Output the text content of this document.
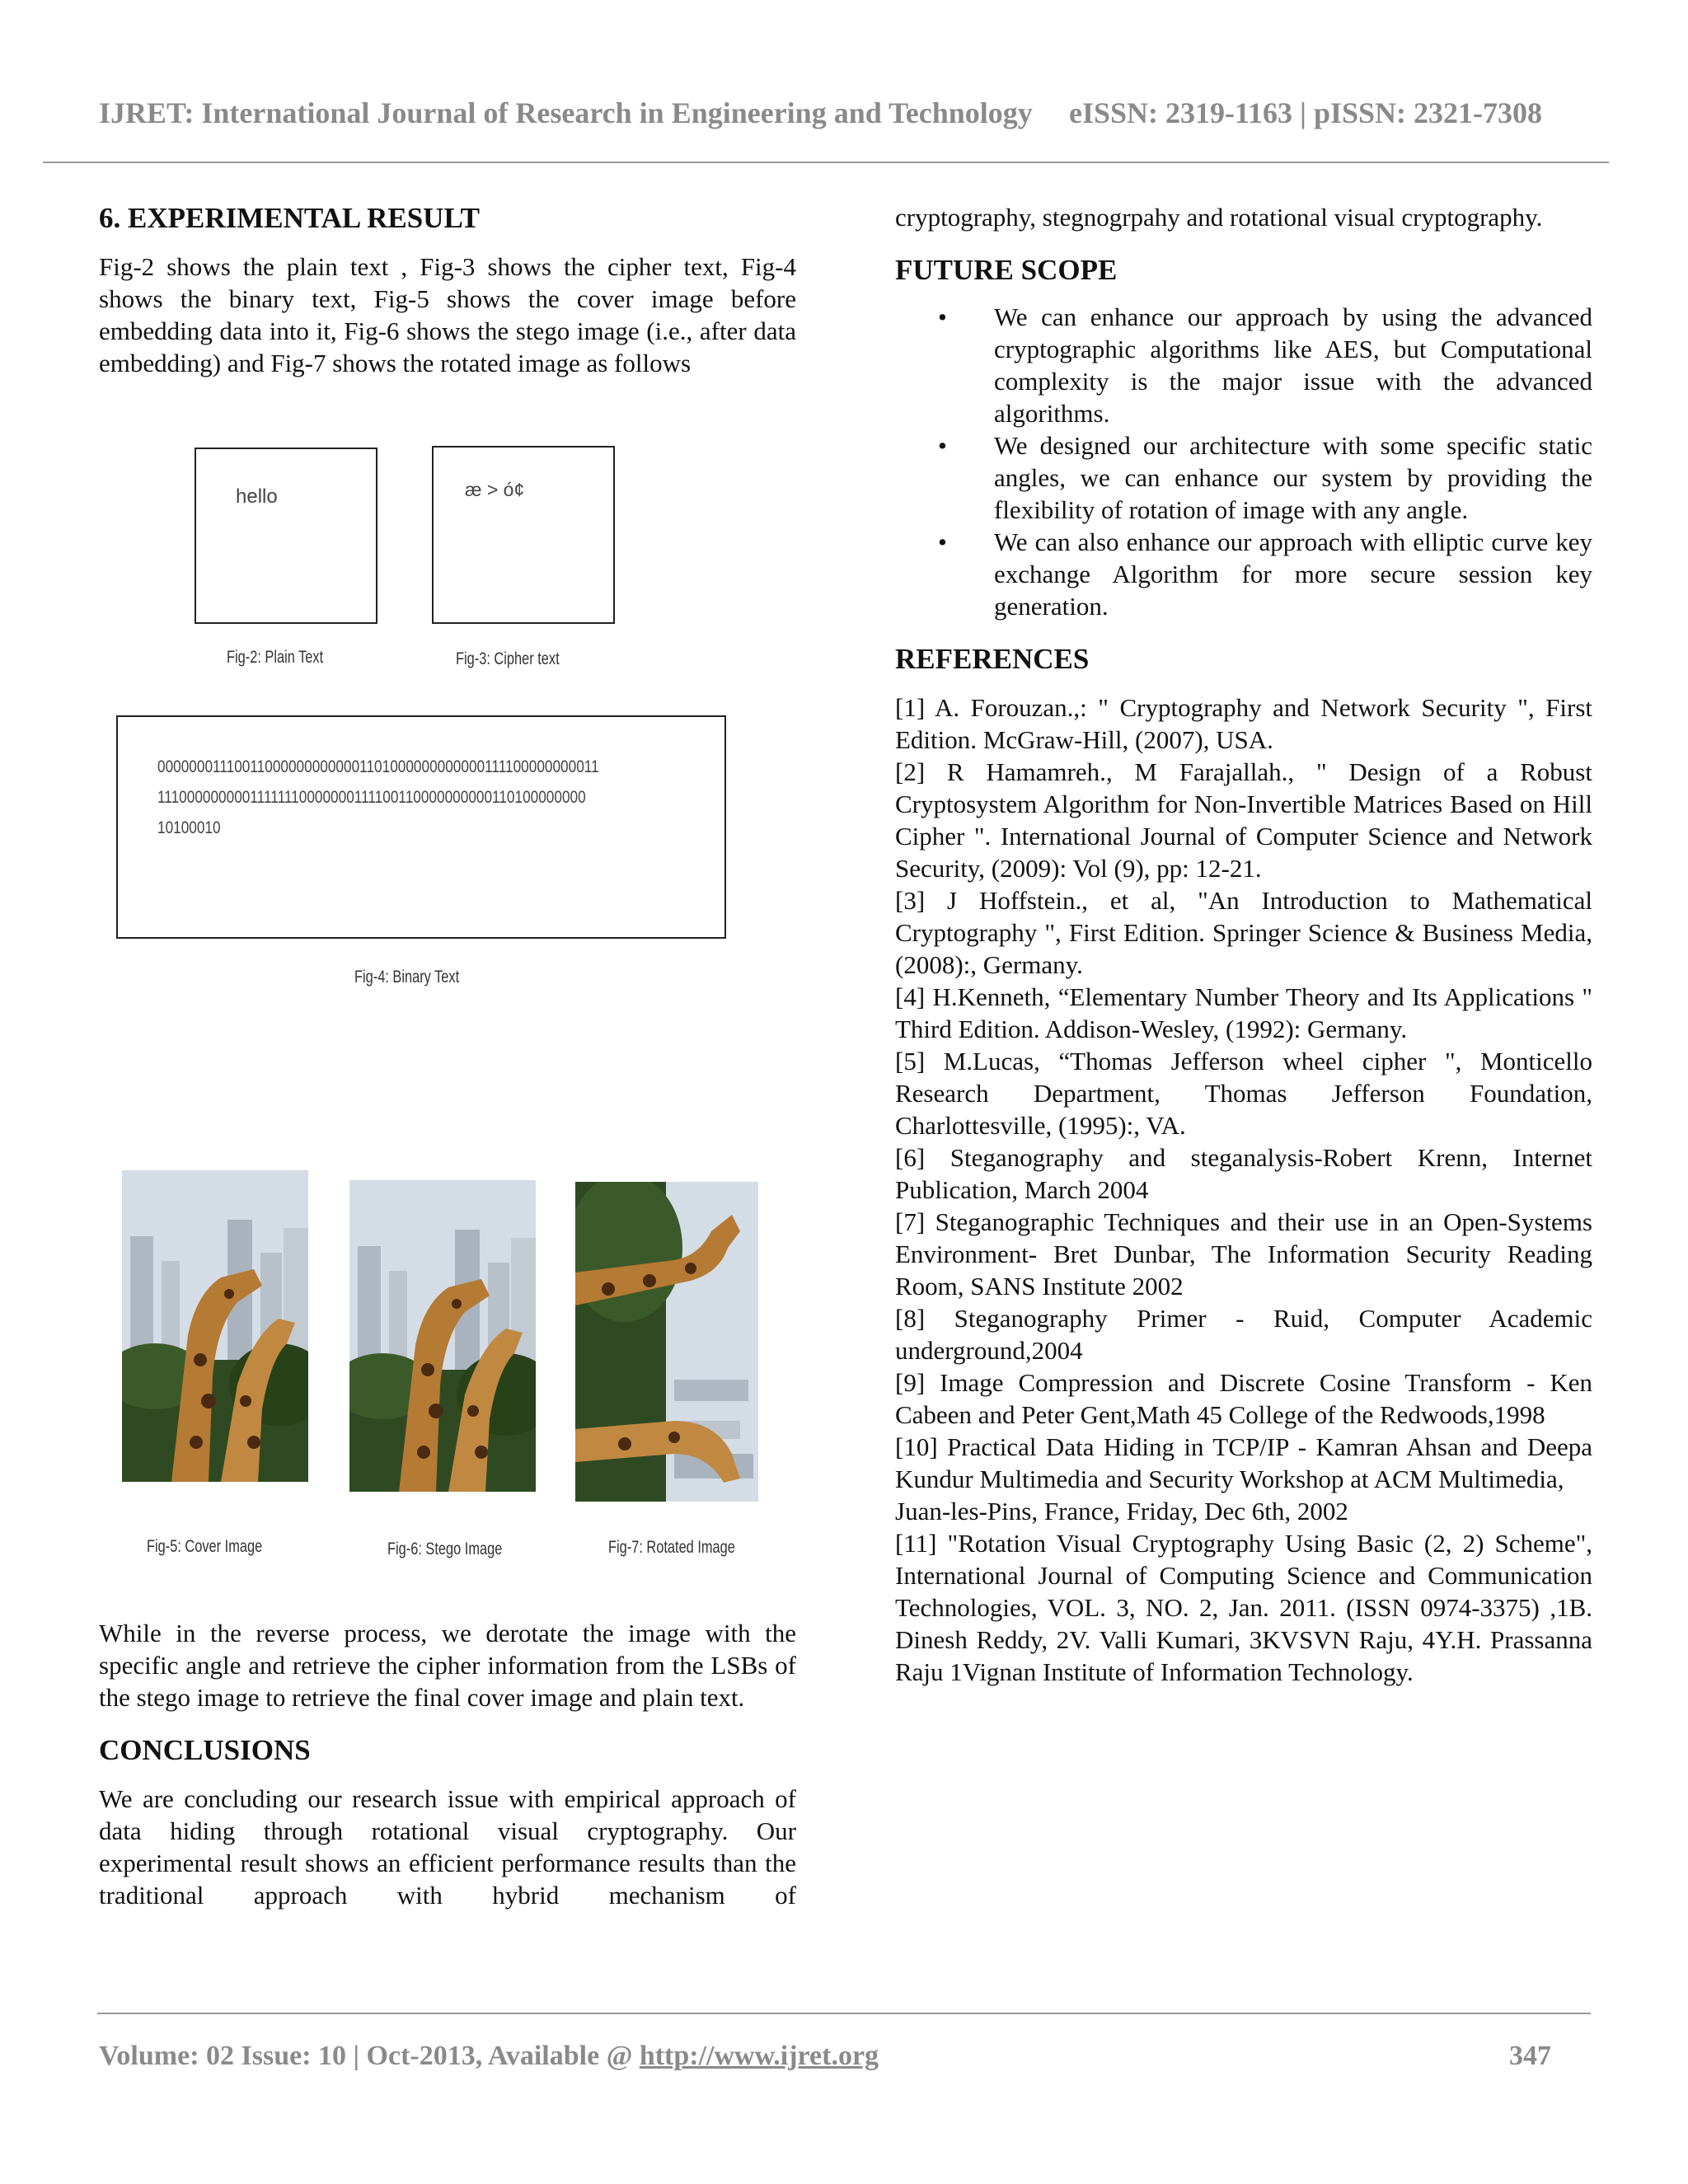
IJRET: International Journal of Research in Engineering and Technology eISSN: 2319-1163 | pISSN: 2321-7308
6. EXPERIMENTAL RESULT

Fig-2 shows the plain text , Fig-3 shows the cipher text, Fig-4 shows the binary text, Fig-5 shows the cover image before embedding data into it, Fig-6 shows the stego image (i.e., after data embedding) and Fig-7 shows the rotated image as follows

hello
Fig-2: Plain Text
æ > ó¢
Fig-3: Cipher text
000000011100110000000000001101000000000000111100000000011
11100000000011111110000000111100110000000000110100000000
10100010
Fig-4: Binary Text
Fig-5: Cover Image	Fig-6: Stego Image	Fig-7: Rotated Image

While in the reverse process, we derotate the image with the specific angle and retrieve the cipher information from the LSBs of the stego image to retrieve the final cover image and plain text.

CONCLUSIONS

We are concluding our research issue with empirical approach of data hiding through rotational visual cryptography. Our experimental result shows an efficient performance results than the traditional approach with hybrid mechanism of

cryptography, stegnogrpahy and rotational visual cryptography.

FUTURE SCOPE
• We can enhance our approach by using the advanced cryptographic algorithms like AES, but Computational complexity is the major issue with the advanced algorithms.
• We designed our architecture with some specific static angles, we can enhance our system by providing the flexibility of rotation of image with any angle.
• We can also enhance our approach with elliptic curve key exchange Algorithm for more secure session key generation.
REFERENCES

[1] A. Forouzan.,: " Cryptography and Network Security ", First Edition. McGraw-Hill, (2007), USA.

[2] R Hamamreh., M Farajallah., " Design of a Robust Cryptosystem Algorithm for Non-Invertible Matrices Based on Hill Cipher ". International Journal of Computer Science and Network Security, (2009): Vol (9), pp: 12-21.

[3] J Hoffstein., et al, "An Introduction to Mathematical Cryptography ", First Edition. Springer Science & Business Media, (2008):, Germany.

[4] H.Kenneth, “Elementary Number Theory and Its Applications " Third Edition. Addison-Wesley, (1992): Germany.

[5] M.Lucas, “Thomas Jefferson wheel cipher ", Monticello Research Department, Thomas Jefferson Foundation, Charlottesville, (1995):, VA.

[6] Steganography and steganalysis-Robert Krenn, Internet Publication, March 2004

[7] Steganographic Techniques and their use in an Open-Systems Environment- Bret Dunbar, The Information Security Reading Room, SANS Institute 2002

[8] Steganography Primer - Ruid, Computer Academic underground,2004

[9] Image Compression and Discrete Cosine Transform - Ken Cabeen and Peter Gent,Math 45 College of the Redwoods,1998

[10] Practical Data Hiding in TCP/IP - Kamran Ahsan and Deepa Kundur Multimedia and Security Workshop at ACM Multimedia,

Juan-les-Pins, France, Friday, Dec 6th, 2002

[11] "Rotation Visual Cryptography Using Basic (2, 2) Scheme", International Journal of Computing Science and Communication Technologies, VOL. 3, NO. 2, Jan. 2011. (ISSN 0974-3375) ,1B. Dinesh Reddy, 2V. Valli Kumari, 3KVSVN Raju, 4Y.H. Prassanna Raju 1Vignan Institute of Information Technology.

Volume: 02 Issue: 10 | Oct-2013, Available @ http://www.ijret.org	347
